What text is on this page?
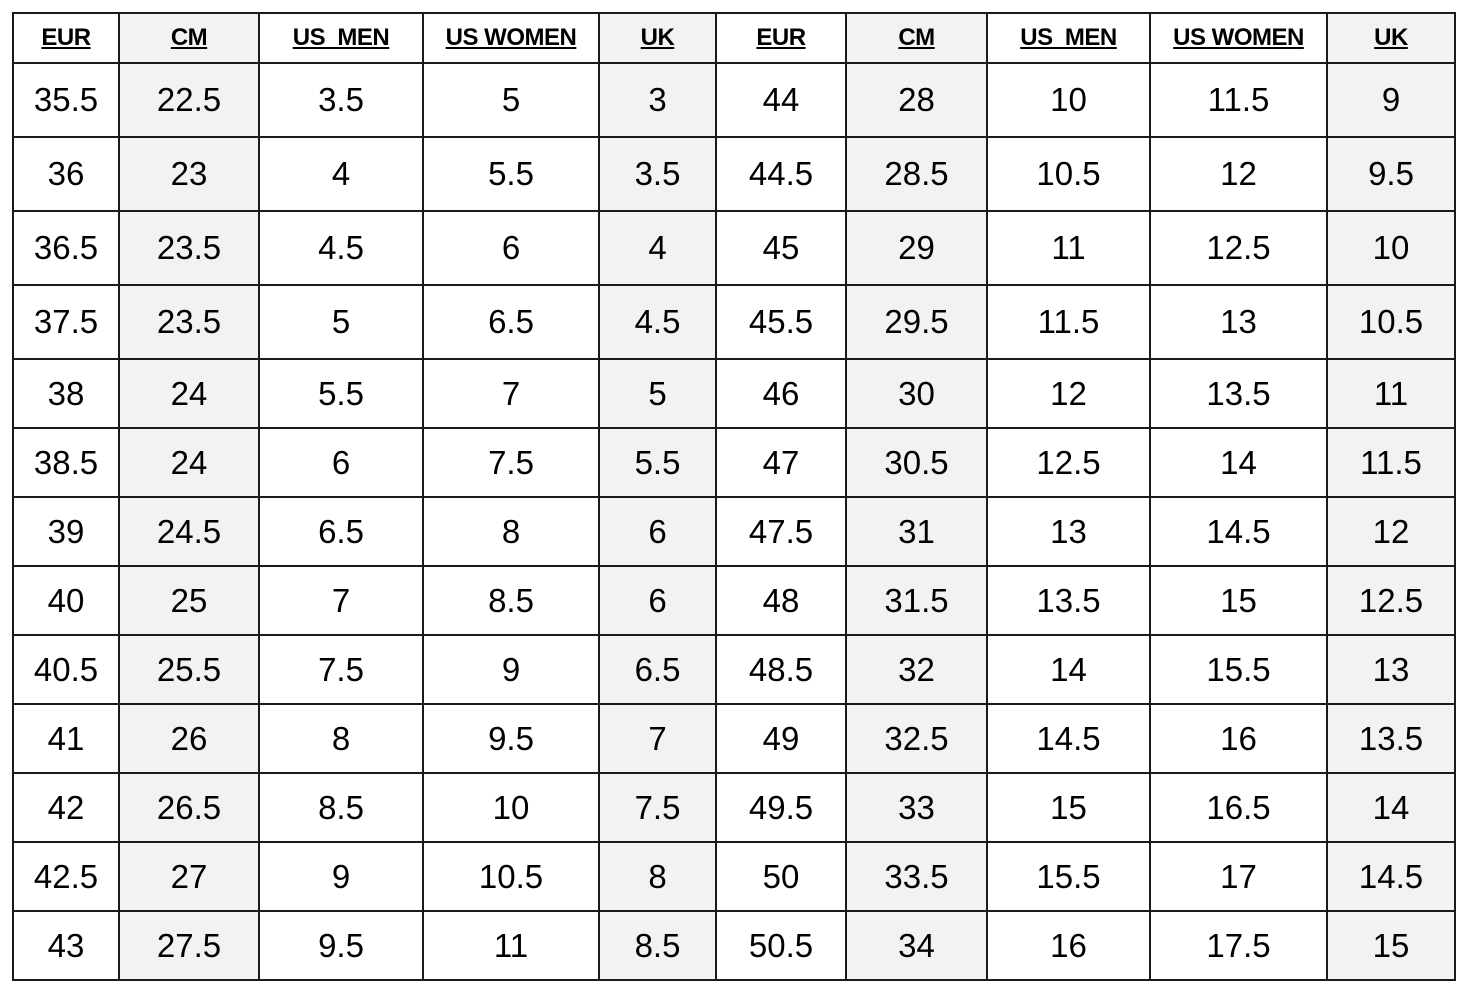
EUR	CM	US  MEN	US WOMEN	UK	EUR	CM	US  MEN	US WOMEN	UK
35.5	22.5	3.5	5	3	44	28	10	11.5	9
36	23	4	5.5	3.5	44.5	28.5	10.5	12	9.5
36.5	23.5	4.5	6	4	45	29	11	12.5	10
37.5	23.5	5	6.5	4.5	45.5	29.5	11.5	13	10.5
38	24	5.5	7	5	46	30	12	13.5	11
38.5	24	6	7.5	5.5	47	30.5	12.5	14	11.5
39	24.5	6.5	8	6	47.5	31	13	14.5	12
40	25	7	8.5	6	48	31.5	13.5	15	12.5
40.5	25.5	7.5	9	6.5	48.5	32	14	15.5	13
41	26	8	9.5	7	49	32.5	14.5	16	13.5
42	26.5	8.5	10	7.5	49.5	33	15	16.5	14
42.5	27	9	10.5	8	50	33.5	15.5	17	14.5
43	27.5	9.5	11	8.5	50.5	34	16	17.5	15
